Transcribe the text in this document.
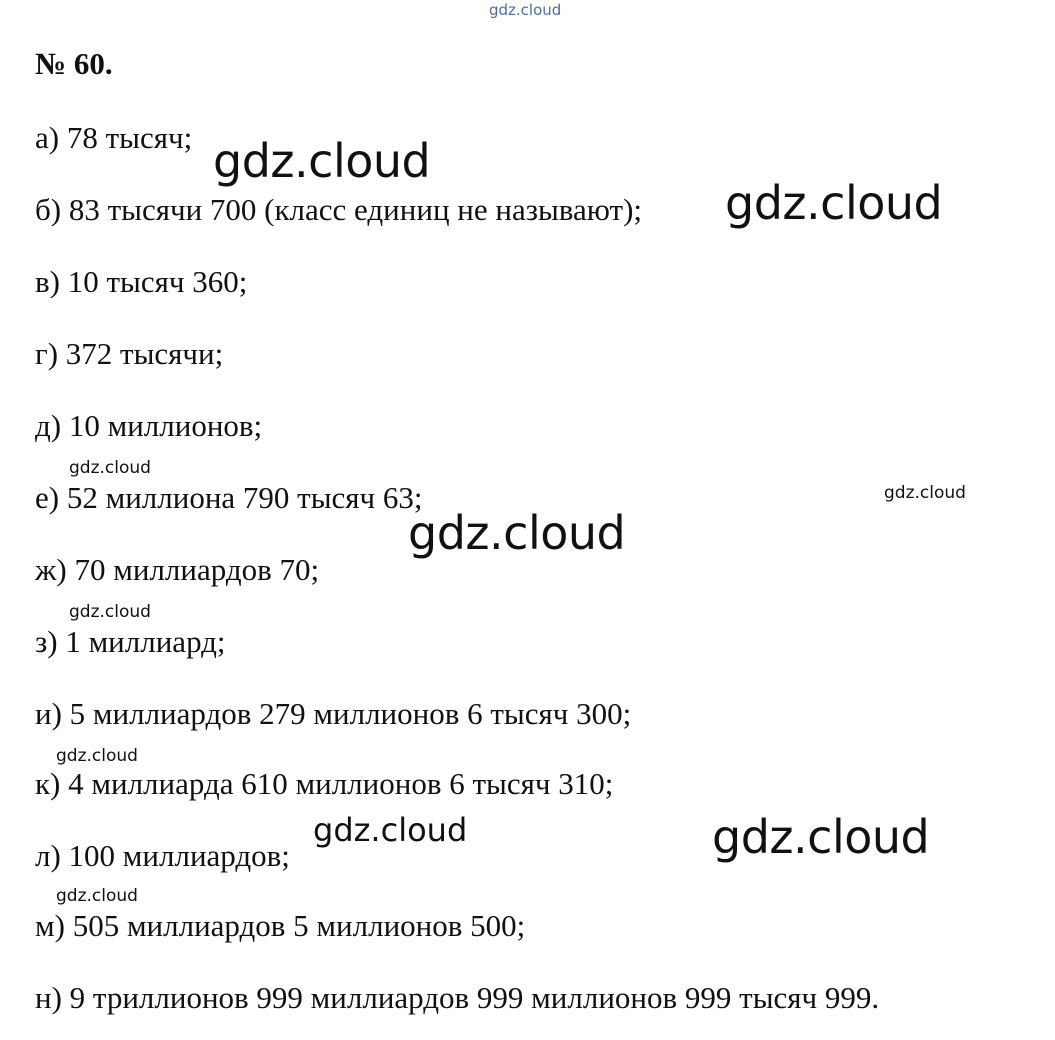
gdz.cloud
№ 60.
а) 78 тысяч;
б) 83 тысячи 700 (класс единиц не называют);
в) 10 тысяч 360;
г) 372 тысячи;
д) 10 миллионов;
е) 52 миллиона 790 тысяч 63;
ж) 70 миллиардов 70;
з) 1 миллиард;
и) 5 миллиардов 279 миллионов 6 тысяч 300;
к) 4 миллиарда 610 миллионов 6 тысяч 310;
л) 100 миллиардов;
м) 505 миллиардов 5 миллионов 500;
н) 9 триллионов 999 миллиардов 999 миллионов 999 тысяч 999.
gdz.cloud
gdz.cloud
gdz.cloud
gdz.cloud
gdz.cloud
gdz.cloud
gdz.cloud
gdz.cloud	gdz.cloud
gdz.cloud
